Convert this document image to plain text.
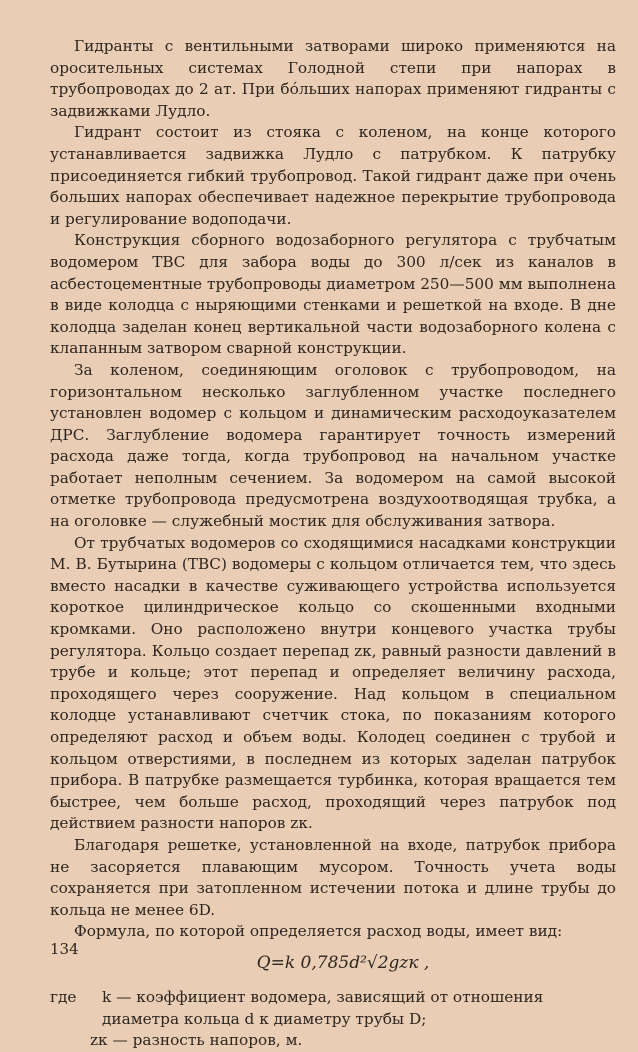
Гидранты с вентильными затворами широко применяются на оросительных системах Голодной степи при напорах в трубопроводах до 2 ат. При бóльших напорах применяют гидранты с задвижками Лудло.

Гидрант состоит из стояка с коленом, на конце которого устанавливается задвижка Лудло с патрубком. К патрубку присоединяется гибкий трубопровод. Такой гидрант даже при очень больших напорах обеспечивает надежное перекрытие трубопровода и регулирование водоподачи.

Конструкция сборного водозаборного регулятора с трубчатым водомером ТВС для забора воды до 300 л/сек из каналов в асбестоцементные трубопроводы диаметром 250—500 мм выполнена в виде колодца с ныряющими стенками и решеткой на входе. В дне колодца заделан конец вертикальной части водозаборного колена с клапанным затвором сварной конструкции.

За коленом, соединяющим оголовок с трубопроводом, на горизонтальном несколько заглубленном участке последнего установлен водомер с кольцом и динамическим расходоуказателем ДРС. Заглубление водомера гарантирует точность измерений расхода даже тогда, когда трубопровод на начальном участке работает неполным сечением. За водомером на самой высокой отметке трубопровода предусмотрена воздухоотводящая трубка, а на оголовке — служебный мостик для обслуживания затвора.

От трубчатых водомеров со сходящимися насадками конструкции М. В. Бутырина (ТВС) водомеры с кольцом отличается тем, что здесь вместо насадки в качестве суживающего устройства используется короткое цилиндрическое кольцо со скошенными входными кромками. Оно расположено внутри концевого участка трубы регулятора. Кольцо создает перепад zк, равный разности давлений в трубе и кольце; этот перепад и определяет величину расхода, проходящего через сооружение. Над кольцом в специальном колодце устанавливают счетчик стока, по показаниям которого определяют расход и объем воды. Колодец соединен с трубой и кольцом отверстиями, в последнем из которых заделан патрубок прибора. В патрубке размещается турбинка, которая вращается тем быстрее, чем больше расход, проходящий через патрубок под действием разности напоров zк.

Благодаря решетке, установленной на входе, патрубок прибора не засоряется плавающим мусором. Точность учета воды сохраняется при затопленном истечении потока и длине трубы до кольца не менее 6D.

Формула, по которой определяется расход воды, имеет вид:

Q=k 0,785d²√2gzк ,
где k — коэффициент водомера, зависящий от отношения диаметра кольца d к диаметру трубы D;
zк — разность напоров, м.
134
